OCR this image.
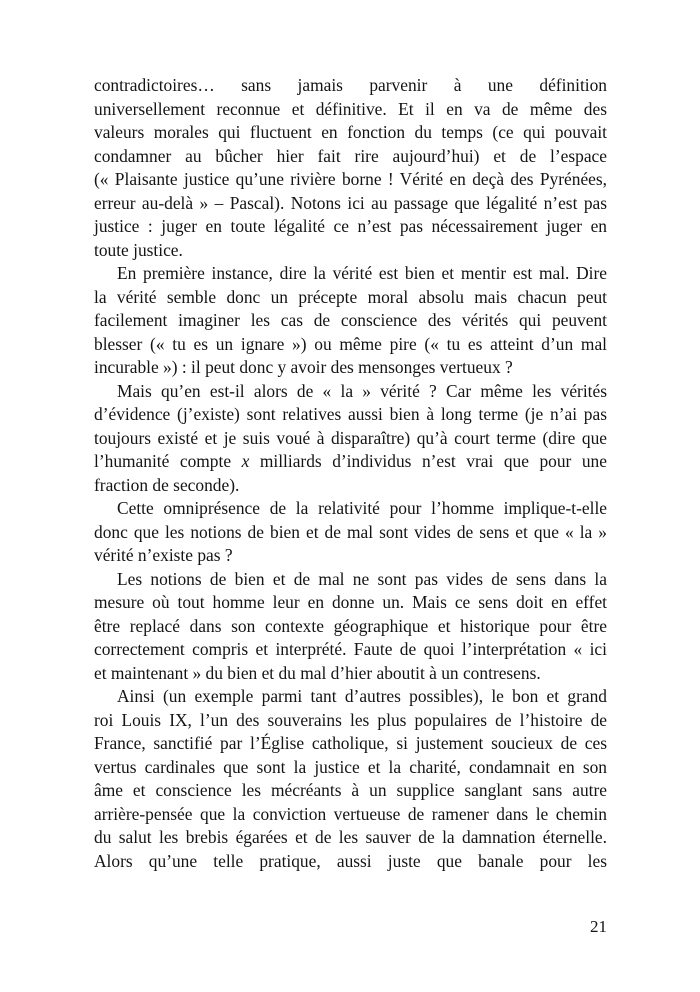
contradictoires… sans jamais parvenir à une définition
universellement reconnue et définitive. Et il en va de même des
valeurs morales qui fluctuent en fonction du temps (ce qui pouvait
condamner au bûcher hier fait rire aujourd’hui) et de l’espace
(« Plaisante justice qu’une rivière borne ! Vérité en deçà des Pyrénées,
erreur au-delà » – Pascal). Notons ici au passage que légalité n’est pas
justice : juger en toute légalité ce n’est pas nécessairement juger en
toute justice.
En première instance, dire la vérité est bien et mentir est mal. Dire
la vérité semble donc un précepte moral absolu mais chacun peut
facilement imaginer les cas de conscience des vérités qui peuvent
blesser (« tu es un ignare ») ou même pire (« tu es atteint d’un mal
incurable ») : il peut donc y avoir des mensonges vertueux ?
Mais qu’en est-il alors de « la » vérité ? Car même les vérités
d’évidence (j’existe) sont relatives aussi bien à long terme (je n’ai pas
toujours existé et je suis voué à disparaître) qu’à court terme (dire que
l’humanité compte x milliards d’individus n’est vrai que pour une
fraction de seconde).
Cette omniprésence de la relativité pour l’homme implique-t-elle
donc que les notions de bien et de mal sont vides de sens et que « la »
vérité n’existe pas ?
Les notions de bien et de mal ne sont pas vides de sens dans la
mesure où tout homme leur en donne un. Mais ce sens doit en effet
être replacé dans son contexte géographique et historique pour être
correctement compris et interprété. Faute de quoi l’interprétation « ici
et maintenant » du bien et du mal d’hier aboutit à un contresens.
Ainsi (un exemple parmi tant d’autres possibles), le bon et grand
roi Louis IX, l’un des souverains les plus populaires de l’histoire de
France, sanctifié par l’Église catholique, si justement soucieux de ces
vertus cardinales que sont la justice et la charité, condamnait en son
âme et conscience les mécréants à un supplice sanglant sans autre
arrière-pensée que la conviction vertueuse de ramener dans le chemin
du salut les brebis égarées et de les sauver de la damnation éternelle.
Alors qu’une telle pratique, aussi juste que banale pour les
21
